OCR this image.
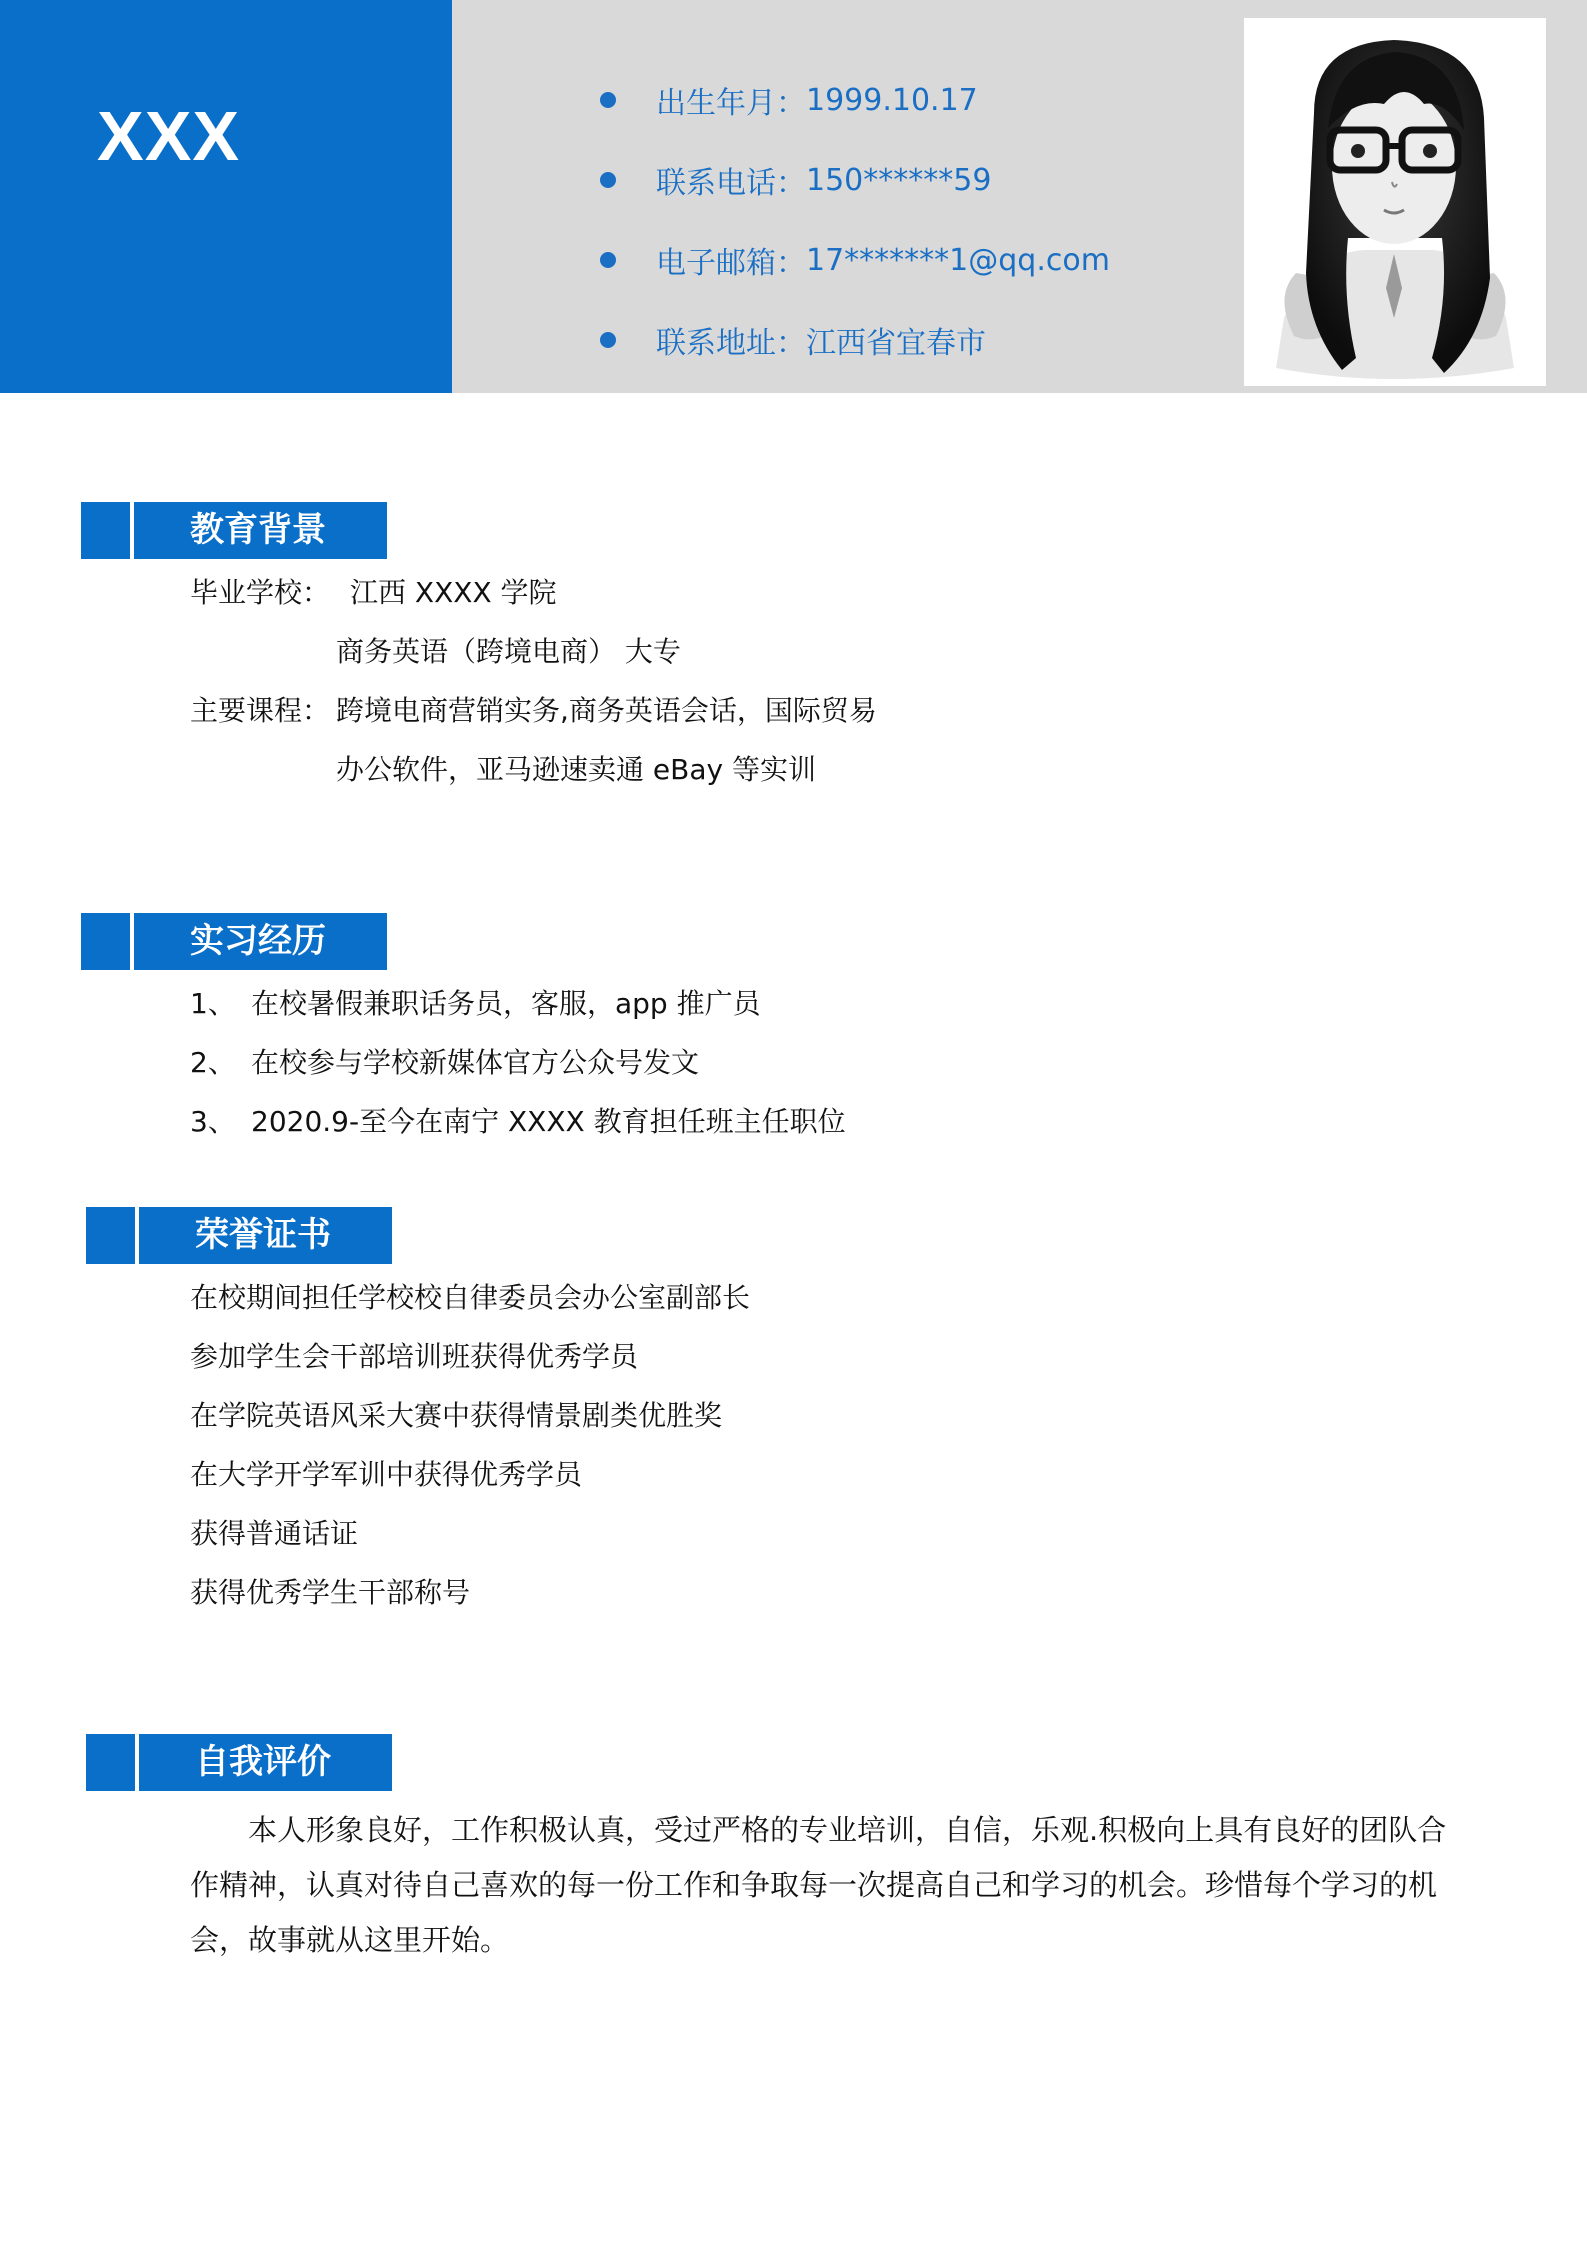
XXX	出生年月： 1999.10.17
联系电话： 150******59
电子邮箱： 17*******1@qq.com
联系地址： 江西省宜春市
教育背景
毕业学校： 江西 XXXX 学院
商务英语（跨境电商） 大专
主要课程： 跨境电商营销实务,商务英语会话，国际贸易
办公软件，亚马逊速卖通 eBay 等实训
实习经历
1、 在校暑假兼职话务员，客服，app 推广员
2、 在校参与学校新媒体官方公众号发文
3、 2020.9-至今在南宁 XXXX 教育担任班主任职位
荣誉证书
在校期间担任学校校自律委员会办公室副部长
参加学生会干部培训班获得优秀学员
在学院英语风采大赛中获得情景剧类优胜奖
在大学开学军训中获得优秀学员
获得普通话证
获得优秀学生干部称号
自我评价

本人形象良好，工作积极认真，受过严格的专业培训，自信，乐观.积极向上具有良好的团队合作精神，认真对待自己喜欢的每一份工作和争取每一次提高自己和学习的机会。珍惜每个学习的机会，故事就从这里开始。
